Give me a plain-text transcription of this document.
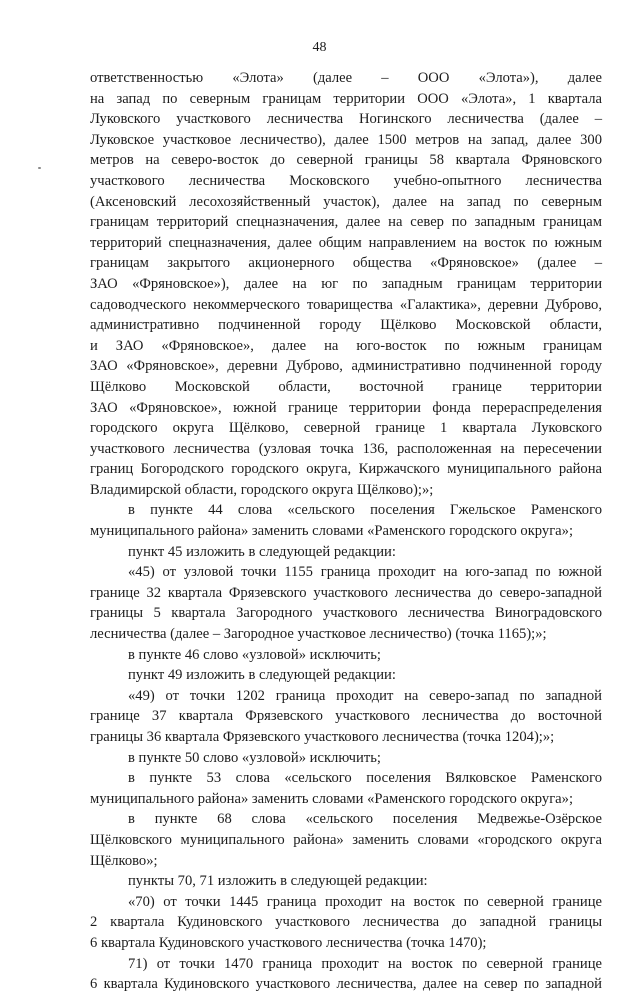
48
ответственностью «Элота» (далее – ООО «Элота»), далее
на запад по северным границам территории ООО «Элота», 1 квартала
Луковского участкового лесничества Ногинского лесничества (далее –
Луковское участковое лесничество), далее 1500 метров на запад, далее 300
метров на северо-восток до северной границы 58 квартала Фряновского
участкового лесничества Московского учебно-опытного лесничества
(Аксеновский лесохозяйственный участок), далее на запад по северным
границам территорий спецназначения, далее на север по западным границам
территорий спецназначения, далее общим направлением на восток по южным
границам закрытого акционерного общества «Фряновское» (далее –
ЗАО «Фряновское»), далее на юг по западным границам территории
садоводческого некоммерческого товарищества «Галактика», деревни Дуброво,
административно подчиненной городу Щёлково Московской области,
и ЗАО «Фряновское», далее на юго-восток по южным границам
ЗАО «Фряновское», деревни Дуброво, административно подчиненной городу
Щёлково Московской области, восточной границе территории
ЗАО «Фряновское», южной границе территории фонда перераспределения
городского округа Щёлково, северной границе 1 квартала Луковского
участкового лесничества (узловая точка 136, расположенная на пересечении
границ Богородского городского округа, Киржачского муниципального района
Владимирской области, городского округа Щёлково);»;
в пункте 44 слова «сельского поселения Гжельское Раменского
муниципального района» заменить словами «Раменского городского округа»;
пункт 45 изложить в следующей редакции:
«45) от узловой точки 1155 граница проходит на юго-запад по южной
границе 32 квартала Фрязевского участкового лесничества до северо-западной
границы 5 квартала Загородного участкового лесничества Виноградовского
лесничества (далее – Загородное участковое лесничество) (точка 1165);»;
в пункте 46 слово «узловой» исключить;
пункт 49 изложить в следующей редакции:
«49) от точки 1202 граница проходит на северо-запад по западной
границе 37 квартала Фрязевского участкового лесничества до восточной
границы 36 квартала Фрязевского участкового лесничества (точка 1204);»;
в пункте 50 слово «узловой» исключить;
в пункте 53 слова «сельского поселения Вялковское Раменского
муниципального района» заменить словами «Раменского городского округа»;
в пункте 68 слова «сельского поселения Медвежье-Озёрское
Щёлковского муниципального района» заменить словами «городского округа
Щёлково»;
пункты 70, 71 изложить в следующей редакции:
«70) от точки 1445 граница проходит на восток по северной границе
2 квартала Кудиновского участкового лесничества до западной границы
6 квартала Кудиновского участкового лесничества (точка 1470);
71) от точки 1470 граница проходит на восток по северной границе
6 квартала Кудиновского участкового лесничества, далее на север по западной
